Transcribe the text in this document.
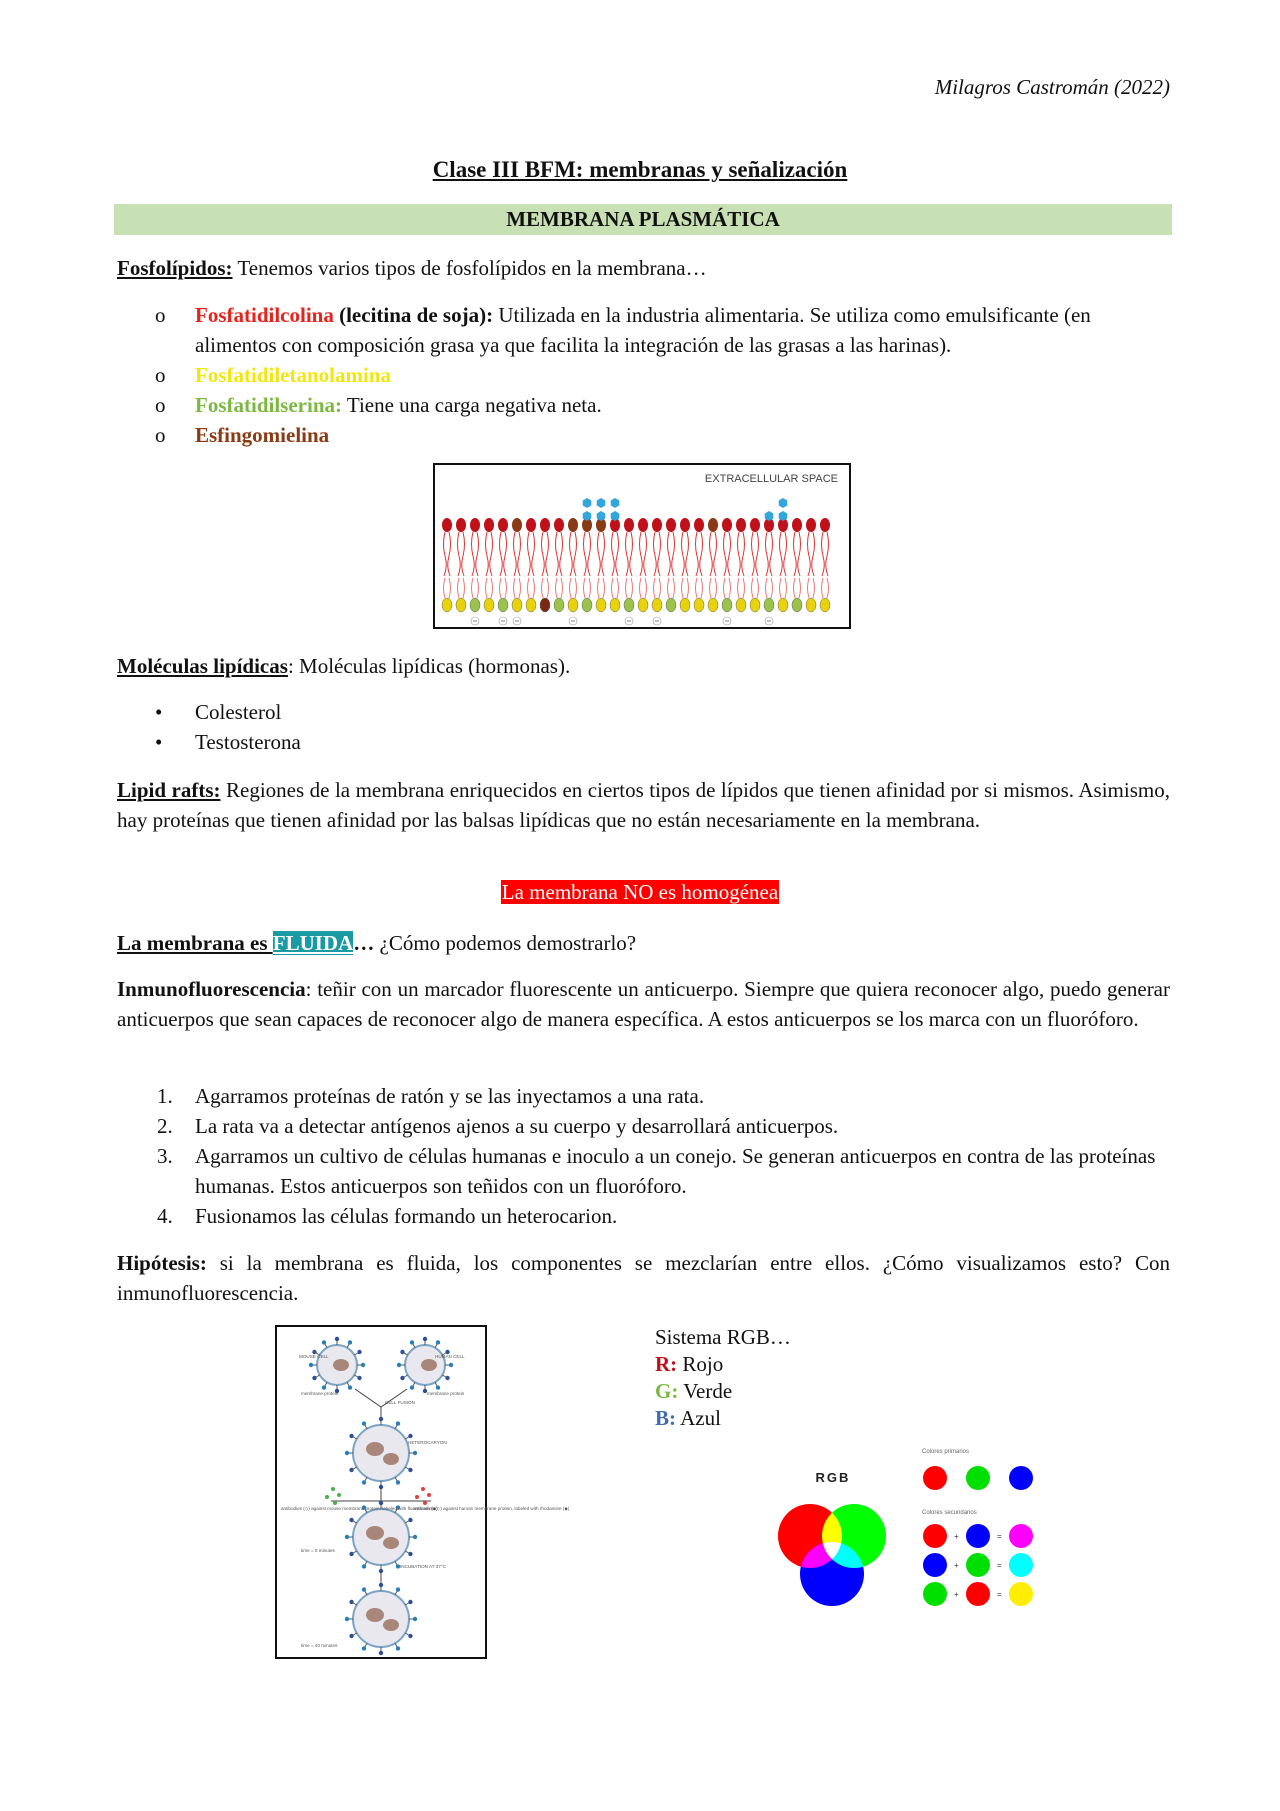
Milagros Castromán (2022)
Clase III BFM: membranas y señalización
MEMBRANA PLASMÁTICA
Fosfolípidos: Tenemos varios tipos de fosfolípidos en la membrana…
o Fosfatidilcolina (lecitina de soja): Utilizada en la industria alimentaria. Se utiliza como emulsificante (en alimentos con composición grasa ya que facilita la integración de las grasas a las harinas).
o Fosfatidiletanolamina
o Fosfatidilserina: Tiene una carga negativa neta.
o Esfingomielina
EXTRACELLULAR SPACE
Moléculas lipídicas: Moléculas lipídicas (hormonas).
• Colesterol
• Testosterona
Lipid rafts: Regiones de la membrana enriquecidos en ciertos tipos de lípidos que tienen afinidad por si mismos. Asimismo, hay proteínas que tienen afinidad por las balsas lipídicas que no están necesariamente en la membrana.
La membrana NO es homogénea
La membrana es FLUIDA… ¿Cómo podemos demostrarlo?
Inmunofluorescencia: teñir con un marcador fluorescente un anticuerpo. Siempre que quiera reconocer algo, puedo generar anticuerpos que sean capaces de reconocer algo de manera específica. A estos anticuerpos se los marca con un fluoróforo.
1. Agarramos proteínas de ratón y se las inyectamos a una rata.
2. La rata va a detectar antígenos ajenos a su cuerpo y desarrollará anticuerpos.
3. Agarramos un cultivo de células humanas e inoculo a un conejo. Se generan anticuerpos en contra de las proteínas humanas. Estos anticuerpos son teñidos con un fluoróforo.
4. Fusionamos las células formando un heterocarion.
Hipótesis: si la membrana es fluida, los componentes se mezclarían entre ellos. ¿Cómo visualizamos esto? Con inmunofluorescencia.
MOUSE CELL	HUMAN CELL
membrane protein	membrane protein
CELL FUSION
HETEROCARYON
antibodies (◇) against mouse membrane protein, labeled with fluorescein (◆)
antibodies (◇) against human membrane protein, labeled with rhodamine (◆)
time = 0 minutes
INCUBATION AT 37°C
time = 40 minutes
Sistema RGB…
R: Rojo
G: Verde
B: Azul
RGB
Colores primarios
Colores secundarios
+	=
+	=
+	=
